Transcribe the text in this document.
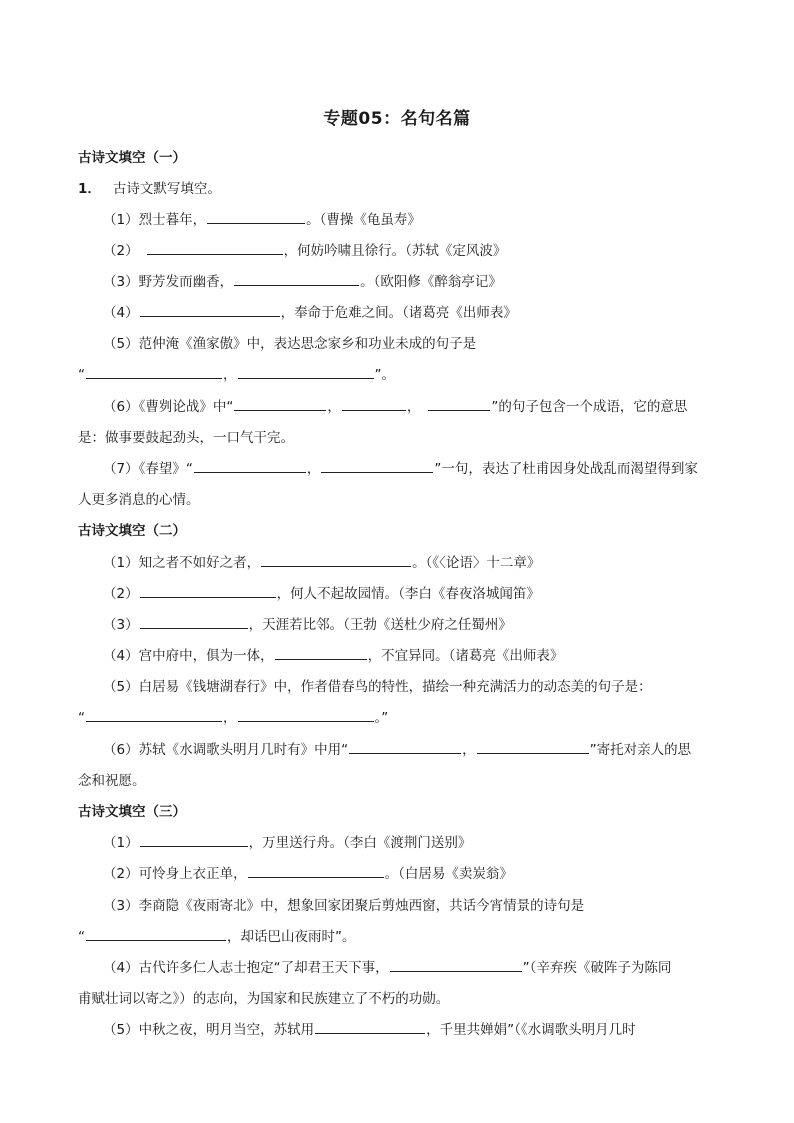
专题05：名句名篇
古诗文填空（一）
1． 古诗文默写填空。
（1）烈士暮年，	。（曹操《龟虽寿》
（2）	，何妨吟啸且徐行。（苏轼《定风波》
（3）野芳发而幽香，	。（欧阳修《醉翁亭记》
（4）	，奉命于危难之间。（诸葛亮《出师表》
（5）范仲淹《渔家傲》中，表达思念家乡和功业未成的句子是
“	，	”。
（6）《曹刿论战》中“	，	，	”的句子包含一个成语，它的意思
是：做事要鼓起劲头，一口气干完。
（7）《春望》“	，	”一句，表达了杜甫因身处战乱而渴望得到家
人更多消息的心情。
古诗文填空（二）
（1）知之者不如好之者，	。（《〈论语〉十二章》
（2）	，何人不起故园情。（李白《春夜洛城闻笛》
（3）	，天涯若比邻。（王勃《送杜少府之任蜀州》
（4）宫中府中，俱为一体，	，不宜异同。（诸葛亮《出师表》
（5）白居易《钱塘湖春行》中，作者借春鸟的特性，描绘一种充满活力的动态美的句子是：
“	，	。”
（6）苏轼《水调歌头明月几时有》中用“	，	”寄托对亲人的思
念和祝愿。
古诗文填空（三）
（1）	，万里送行舟。（李白《渡荆门送别》
（2）可怜身上衣正单，	。（白居易《卖炭翁》
（3）李商隐《夜雨寄北》中，想象回家团聚后剪烛西窗，共话今宵情景的诗句是
“	，却话巴山夜雨时”。
（4）古代许多仁人志士抱定“了却君王天下事，	”（辛弃疾《破阵子为陈同
甫赋壮词以寄之》）的志向，为国家和民族建立了不朽的功勋。
（5）中秋之夜，明月当空，苏轼用	，千里共婵娟”（《水调歌头明月几时
